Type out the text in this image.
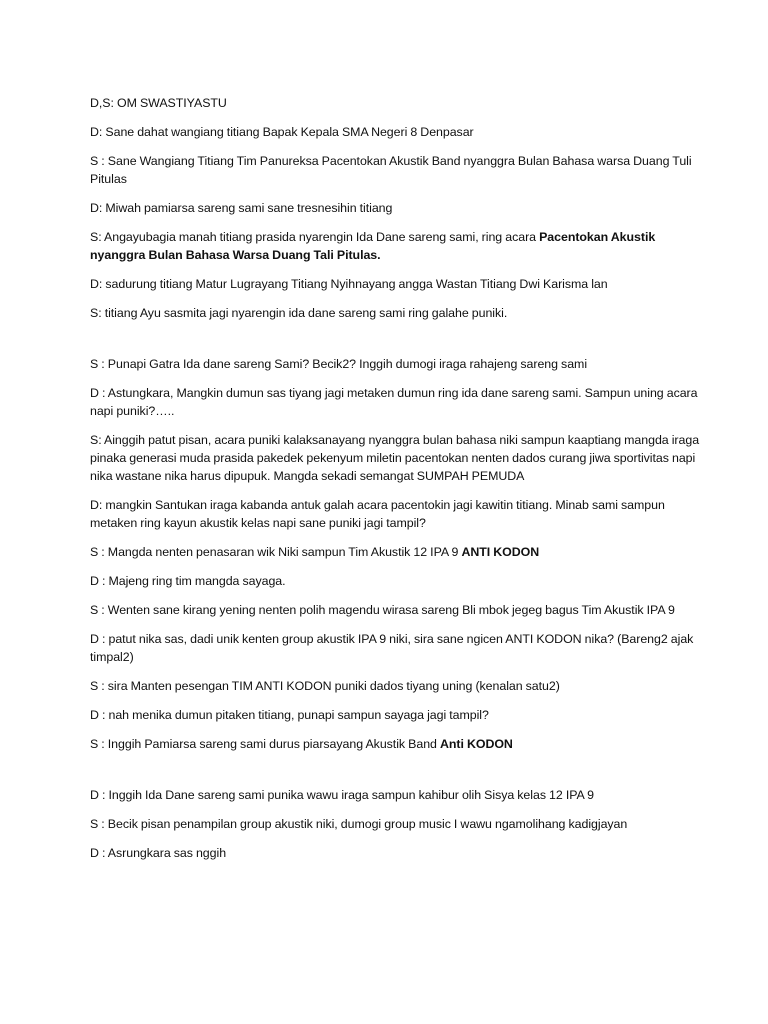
D,S: OM SWASTIYASTU

D: Sane dahat wangiang titiang Bapak Kepala SMA Negeri 8 Denpasar

S : Sane Wangiang Titiang Tim Panureksa Pacentokan Akustik Band nyanggra Bulan Bahasa warsa Duang Tuli Pitulas

D: Miwah pamiarsa sareng sami sane tresnesihin titiang

S: Angayubagia manah titiang prasida nyarengin Ida Dane sareng sami, ring acara Pacentokan Akustik nyanggra Bulan Bahasa Warsa Duang Tali Pitulas.

D: sadurung titiang Matur Lugrayang Titiang Nyihnayang angga Wastan Titiang Dwi Karisma lan

S: titiang Ayu sasmita jagi nyarengin ida dane sareng sami ring galahe puniki.

S : Punapi Gatra Ida dane sareng Sami? Becik2? Inggih dumogi iraga rahajeng sareng sami

D : Astungkara, Mangkin dumun sas tiyang jagi metaken dumun ring ida dane sareng sami. Sampun uning acara napi puniki?…..

S: Ainggih patut pisan, acara puniki kalaksanayang nyanggra bulan bahasa niki sampun kaaptiang mangda iraga pinaka generasi muda prasida pakedek pekenyum miletin pacentokan nenten dados curang jiwa sportivitas napi nika wastane nika harus dipupuk. Mangda sekadi semangat SUMPAH PEMUDA

D: mangkin Santukan iraga kabanda antuk galah acara pacentokin jagi kawitin titiang. Minab sami sampun metaken ring kayun akustik kelas napi sane puniki jagi tampil?

S : Mangda nenten penasaran wik Niki sampun Tim Akustik 12 IPA 9 ANTI KODON

D : Majeng ring tim mangda sayaga.

S : Wenten sane kirang yening nenten polih magendu wirasa sareng Bli mbok jegeg bagus Tim Akustik IPA 9

D : patut nika sas, dadi unik kenten group akustik IPA 9 niki, sira sane ngicen ANTI KODON nika? (Bareng2 ajak timpal2)

S : sira Manten pesengan TIM ANTI KODON puniki dados tiyang uning (kenalan satu2)

D : nah menika dumun pitaken titiang, punapi sampun sayaga jagi tampil?

S : Inggih Pamiarsa sareng sami durus piarsayang Akustik Band Anti KODON

D : Inggih Ida Dane sareng sami punika wawu iraga sampun kahibur olih Sisya kelas 12 IPA 9

S : Becik pisan penampilan group akustik niki, dumogi group music I wawu ngamolihang kadigjayan

D : Asrungkara sas nggih
